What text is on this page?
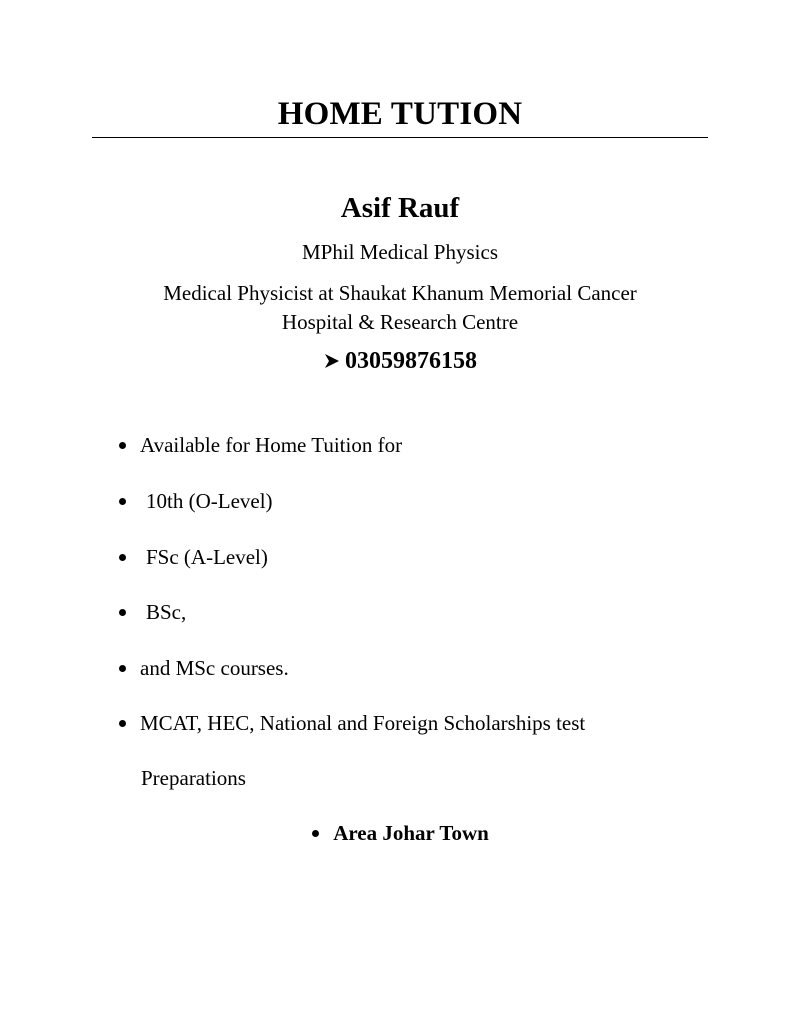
HOME TUTION
Asif Rauf
MPhil Medical Physics
Medical Physicist at Shaukat Khanum Memorial Cancer
Hospital & Research Centre
03059876158
Available for Home Tuition for
10th (O-Level)
FSc (A-Level)
BSc,
and MSc courses.
MCAT, HEC, National and Foreign Scholarships test
Preparations
Area Johar Town
